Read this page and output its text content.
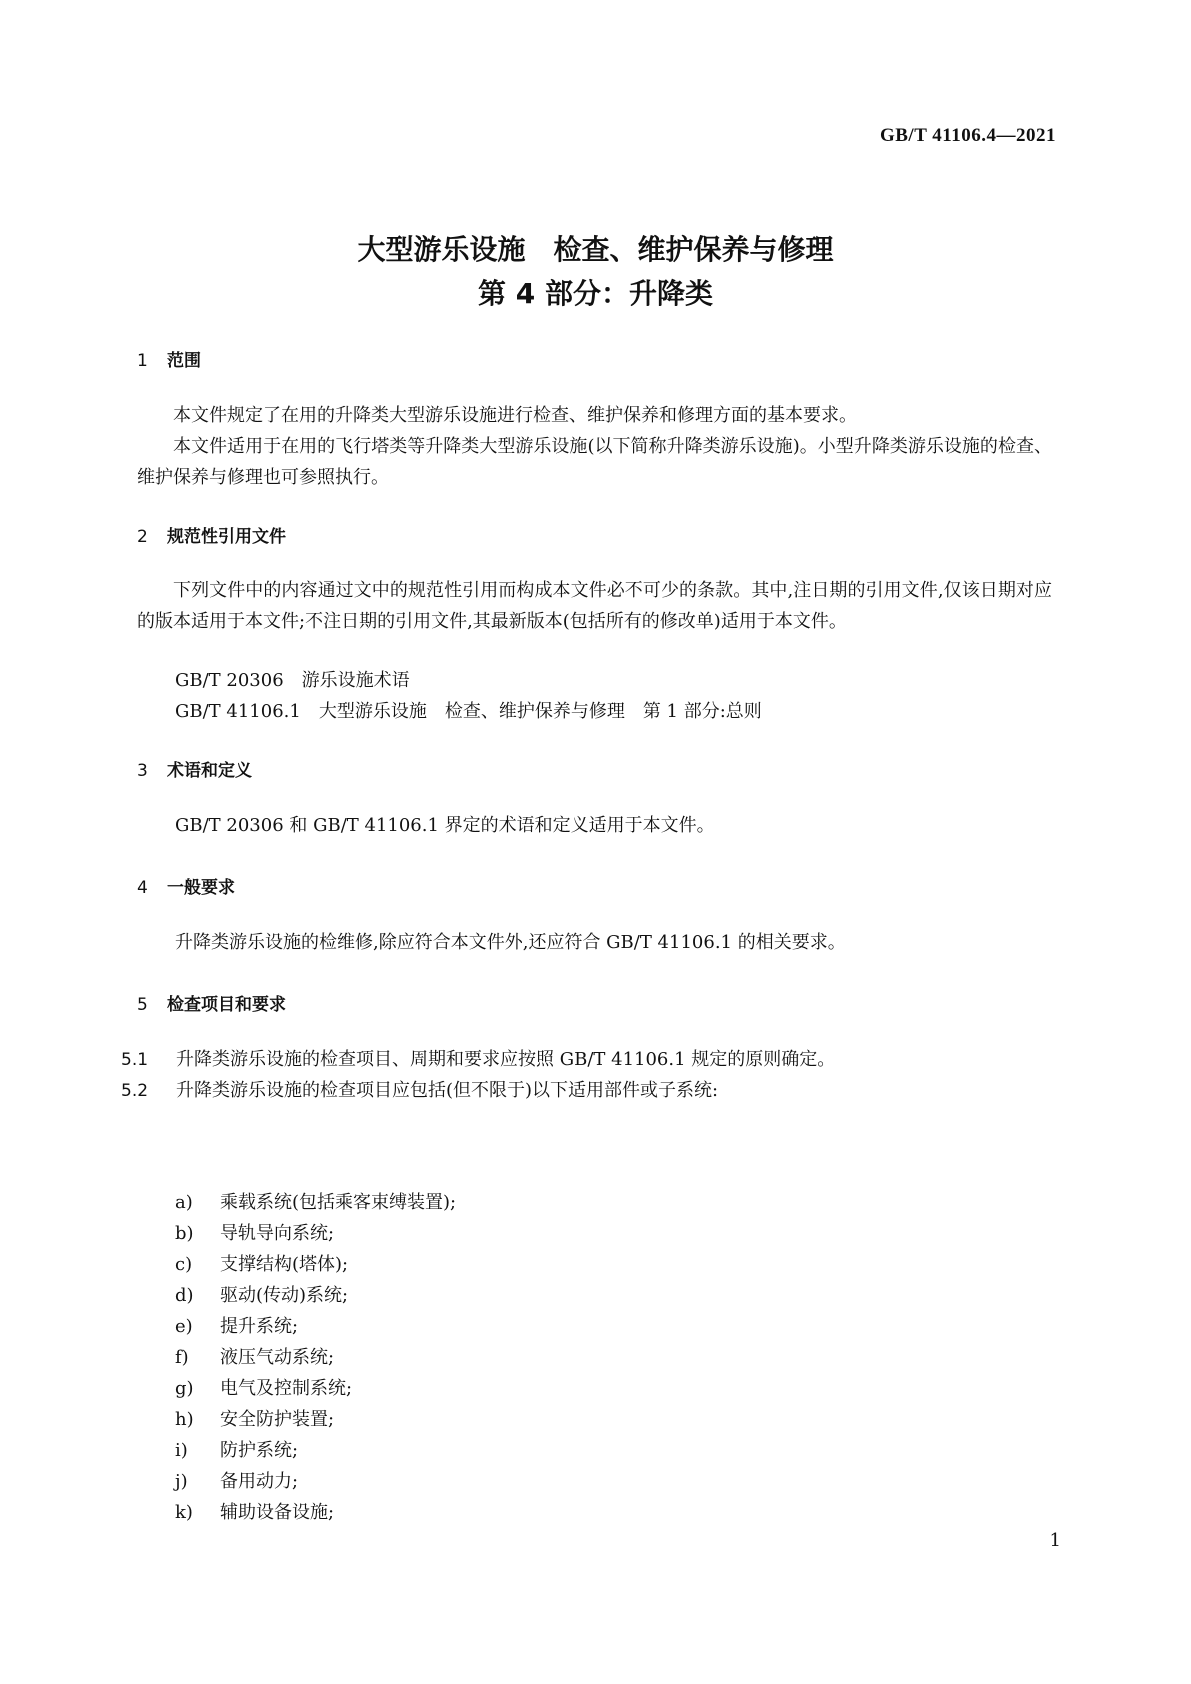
GB/T 41106.4—2021
大型游乐设施　检查、维护保养与修理
第 4 部分：升降类
1 范围
本文件规定了在用的升降类大型游乐设施进行检查、维护保养和修理方面的基本要求。
本文件适用于在用的飞行塔类等升降类大型游乐设施(以下简称升降类游乐设施)。小型升降类游乐设施的检查、维护保养与修理也可参照执行。
2 规范性引用文件
下列文件中的内容通过文中的规范性引用而构成本文件必不可少的条款。其中,注日期的引用文件,仅该日期对应的版本适用于本文件;不注日期的引用文件,其最新版本(包括所有的修改单)适用于本文件。
GB/T 20306　游乐设施术语
GB/T 41106.1　大型游乐设施　检查、维护保养与修理　第 1 部分:总则
3 术语和定义
GB/T 20306 和 GB/T 41106.1 界定的术语和定义适用于本文件。
4 一般要求
升降类游乐设施的检维修,除应符合本文件外,还应符合 GB/T 41106.1 的相关要求。
5 检查项目和要求
5.1 升降类游乐设施的检查项目、周期和要求应按照 GB/T 41106.1 规定的原则确定。
5.2 升降类游乐设施的检查项目应包括(但不限于)以下适用部件或子系统:
a) 乘载系统(包括乘客束缚装置);
b) 导轨导向系统;
c) 支撑结构(塔体);
d) 驱动(传动)系统;
e) 提升系统;
f) 液压气动系统;
g) 电气及控制系统;
h) 安全防护装置;
i) 防护系统;
j) 备用动力;
k) 辅助设备设施;
1
